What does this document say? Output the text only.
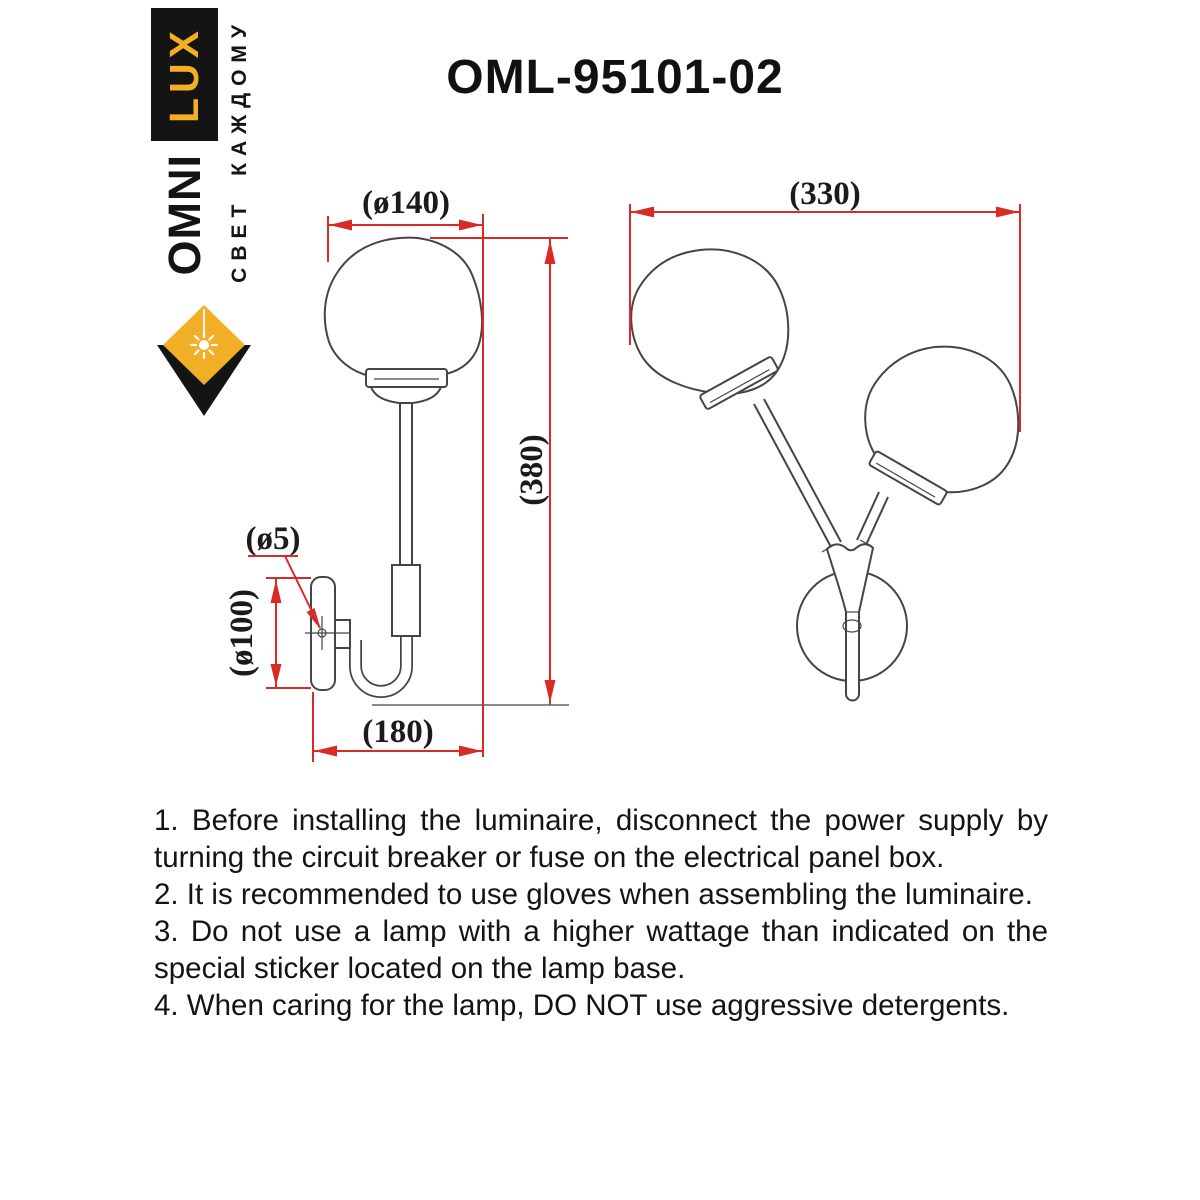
LUX
OMNI СВЕТ КАЖДОМУ	OML-95101-02
(ø140)
(380)
(ø5)
(ø100)
(180)
(330)

1. Before installing the luminaire, disconnect the power supply by

turning the circuit breaker or fuse on the electrical panel box.

2. It is recommended to use gloves when assembling the luminaire.

3. Do not use a lamp with a higher wattage than indicated on the

special sticker located on the lamp base.

4. When caring for the lamp, DO NOT use aggressive detergents.
